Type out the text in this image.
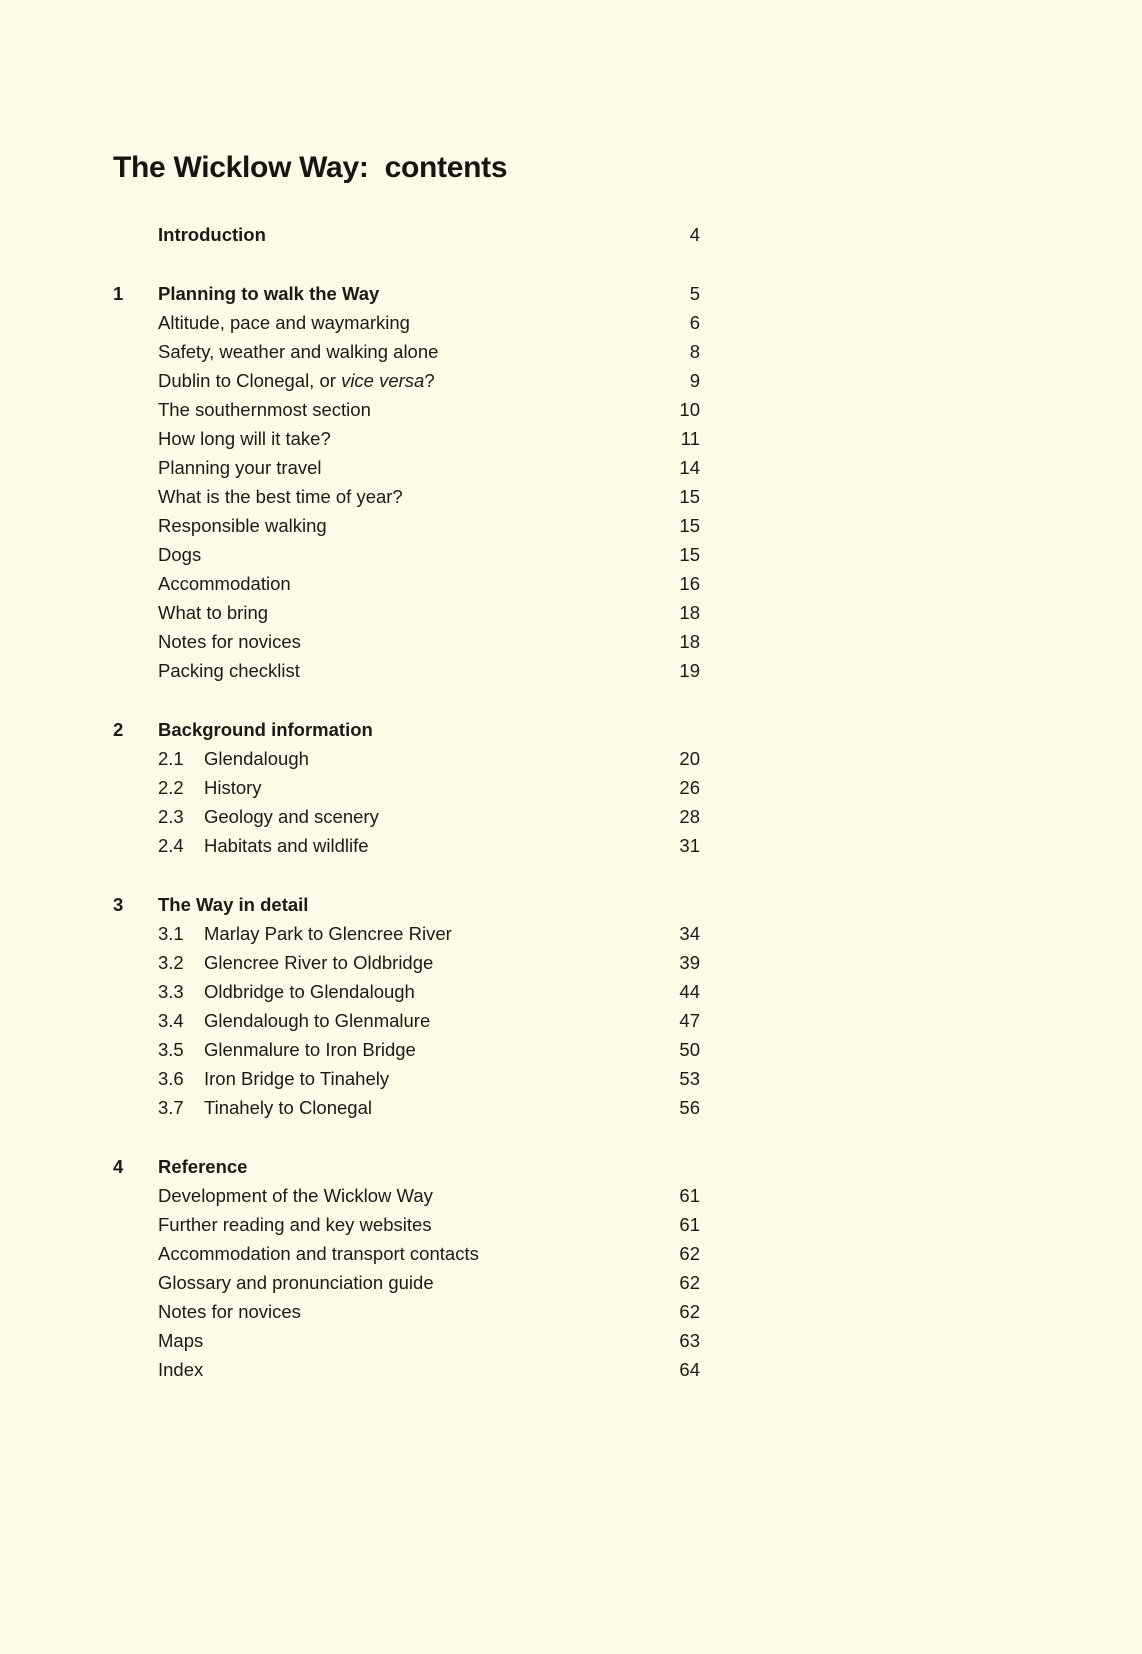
The Wicklow Way:  contents
Introduction	4
1	Planning to walk the Way	5
Altitude, pace and waymarking	6
Safety, weather and walking alone	8
Dublin to Clonegal, or vice versa?	9
The southernmost section	10
How long will it take?	11
Planning your travel	14
What is the best time of year?	15
Responsible walking	15
Dogs	15
Accommodation	16
What to bring	18
Notes for novices	18
Packing checklist	19
2	Background information
2.1 Glendalough	20
2.2 History	26
2.3 Geology and scenery	28
2.4 Habitats and wildlife	31
3	The Way in detail
3.1 Marlay Park to Glencree River	34
3.2 Glencree River to Oldbridge	39
3.3 Oldbridge to Glendalough	44
3.4 Glendalough to Glenmalure	47
3.5 Glenmalure to Iron Bridge	50
3.6 Iron Bridge to Tinahely	53
3.7 Tinahely to Clonegal	56
4	Reference
Development of the Wicklow Way	61
Further reading and key websites	61
Accommodation and transport contacts	62
Glossary and pronunciation guide	62
Notes for novices	62
Maps	63
Index	64
